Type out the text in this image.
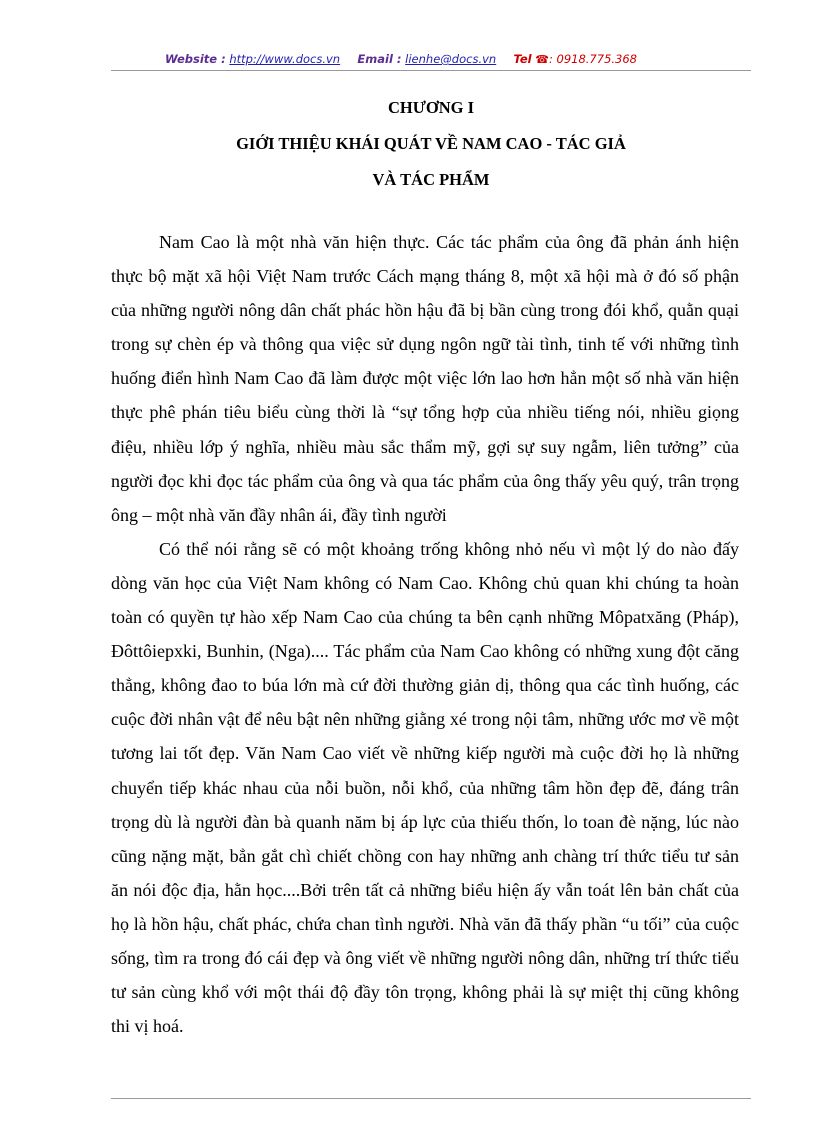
Website : http://www.docs.vn Email : lienhe@docs.vn Tel ☎: 0918.775.368
CHƯƠNG I
GIỚI THIỆU KHÁI QUÁT VỀ NAM CAO - TÁC GIẢ
VÀ TÁC PHẨM

Nam Cao là một nhà văn hiện thực. Các tác phẩm của ông đã phản ánh hiện thực bộ mặt xã hội Việt Nam trước Cách mạng tháng 8, một xã hội mà ở đó số phận của những người nông dân chất phác hồn hậu đã bị bần cùng trong đói khổ, quằn quại trong sự chèn ép và thông qua việc sử dụng ngôn ngữ tài tình, tinh tế với những tình huống điển hình Nam Cao đã làm được một việc lớn lao hơn hẳn một số nhà văn hiện thực phê phán tiêu biểu cùng thời là “sự tổng hợp của nhiều tiếng nói, nhiều giọng điệu, nhiều lớp ý nghĩa, nhiều màu sắc thẩm mỹ, gợi sự suy ngẫm, liên tưởng” của người đọc khi đọc tác phẩm của ông và qua tác phẩm của ông thấy yêu quý, trân trọng ông – một nhà văn đầy nhân ái, đầy tình người

Có thể nói rằng sẽ có một khoảng trống không nhỏ nếu vì một lý do nào đấy dòng văn học của Việt Nam không có Nam Cao. Không chủ quan khi chúng ta hoàn toàn có quyền tự hào xếp Nam Cao của chúng ta bên cạnh những Môpatxăng (Pháp), Đôttôiepxki, Bunhin, (Nga).... Tác phẩm của Nam Cao không có những xung đột căng thẳng, không đao to búa lớn mà cứ đời thường giản dị, thông qua các tình huống, các cuộc đời nhân vật để nêu bật nên những giằng xé trong nội tâm, những ước mơ về một tương lai tốt đẹp. Văn Nam Cao viết về những kiếp người mà cuộc đời họ là những chuyển tiếp khác nhau của nỗi buồn, nỗi khổ, của những tâm hồn đẹp đẽ, đáng trân trọng dù là người đàn bà quanh năm bị áp lực của thiếu thốn, lo toan đè nặng, lúc nào cũng nặng mặt, bẳn gắt chì chiết chồng con hay những anh chàng trí thức tiểu tư sản ăn nói độc địa, hằn học....Bởi trên tất cả những biểu hiện ấy vẫn toát lên bản chất của họ là hồn hậu, chất phác, chứa chan tình người. Nhà văn đã thấy phần “u tối” của cuộc sống, tìm ra trong đó cái đẹp và ông viết về những người nông dân, những trí thức tiểu tư sản cùng khổ với một thái độ đầy tôn trọng, không phải là sự miệt thị cũng không thi vị hoá.
